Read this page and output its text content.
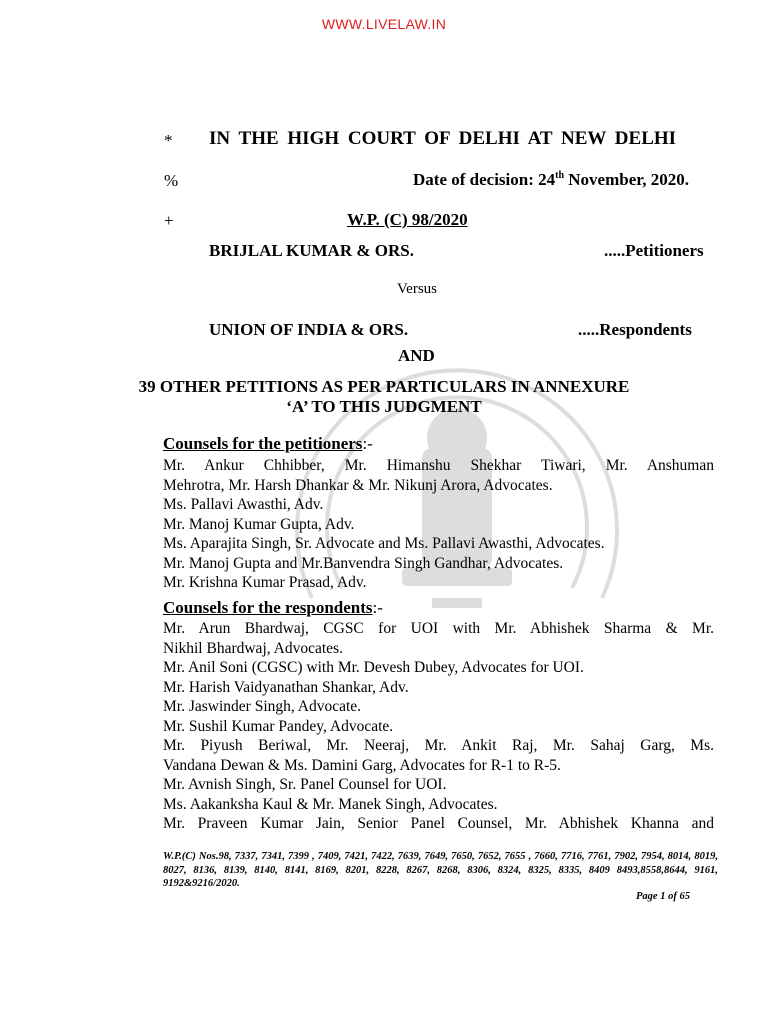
WWW.LIVELAW.IN
* IN THE HIGH COURT OF DELHI AT NEW DELHI
%	Date of decision: 24th November, 2020.
+	W.P. (C) 98/2020
BRIJLAL KUMAR & ORS.	.....Petitioners
Versus
UNION OF INDIA & ORS.	.....Respondents
AND
39 OTHER PETITIONS AS PER PARTICULARS IN ANNEXURE
‘A’ TO THIS JUDGMENT
Counsels for the petitioners:-
Mr. Ankur Chhibber, Mr. Himanshu Shekhar Tiwari, Mr. Anshuman
Mehrotra, Mr. Harsh Dhankar & Mr. Nikunj Arora, Advocates.
Ms. Pallavi Awasthi, Adv.
Mr. Manoj Kumar Gupta, Adv.
Ms. Aparajita Singh, Sr. Advocate and Ms. Pallavi Awasthi, Advocates.
Mr. Manoj Gupta and Mr.Banvendra Singh Gandhar, Advocates.
Mr. Krishna Kumar Prasad, Adv.
Counsels for the respondents:-
Mr. Arun Bhardwaj, CGSC for UOI with Mr. Abhishek Sharma & Mr.
Nikhil Bhardwaj, Advocates.
Mr. Anil Soni (CGSC) with Mr. Devesh Dubey, Advocates for UOI.
Mr. Harish Vaidyanathan Shankar, Adv.
Mr. Jaswinder Singh, Advocate.
Mr. Sushil Kumar Pandey, Advocate.
Mr. Piyush Beriwal, Mr. Neeraj, Mr. Ankit Raj, Mr. Sahaj Garg, Ms.
Vandana Dewan & Ms. Damini Garg, Advocates for R-1 to R-5.
Mr. Avnish Singh, Sr. Panel Counsel for UOI.
Ms. Aakanksha Kaul & Mr. Manek Singh, Advocates.
Mr. Praveen Kumar Jain, Senior Panel Counsel, Mr. Abhishek Khanna and
W.P.(C) Nos.98, 7337, 7341, 7399 , 7409, 7421, 7422, 7639, 7649, 7650, 7652, 7655 , 7660, 7716, 7761, 7902, 7954, 8014, 8019, 8027, 8136, 8139, 8140, 8141, 8169, 8201, 8228, 8267, 8268, 8306, 8324, 8325, 8335, 8409 8493,8558,8644, 9161, 9192&9216/2020.
Page 1 of 65
